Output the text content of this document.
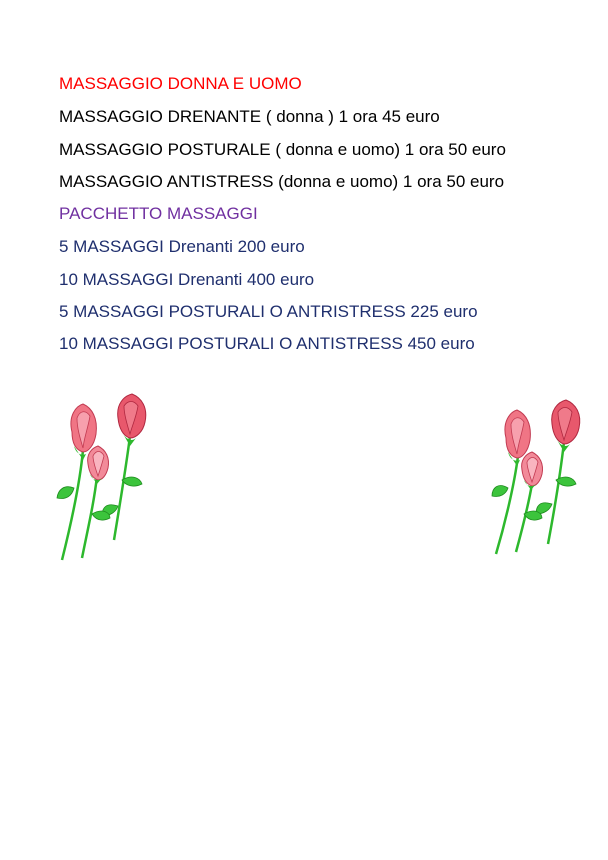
MASSAGGIO DONNA E UOMO

MASSAGGIO DRENANTE ( donna ) 1 ora 45 euro

MASSAGGIO POSTURALE ( donna e uomo) 1 ora 50 euro

MASSAGGIO ANTISTRESS (donna e uomo) 1 ora 50 euro

PACCHETTO MASSAGGI

5 MASSAGGI Drenanti 200 euro

10 MASSAGGI Drenanti 400 euro

5 MASSAGGI POSTURALI O ANTRISTRESS 225 euro

10 MASSAGGI POSTURALI O ANTISTRESS 450 euro
